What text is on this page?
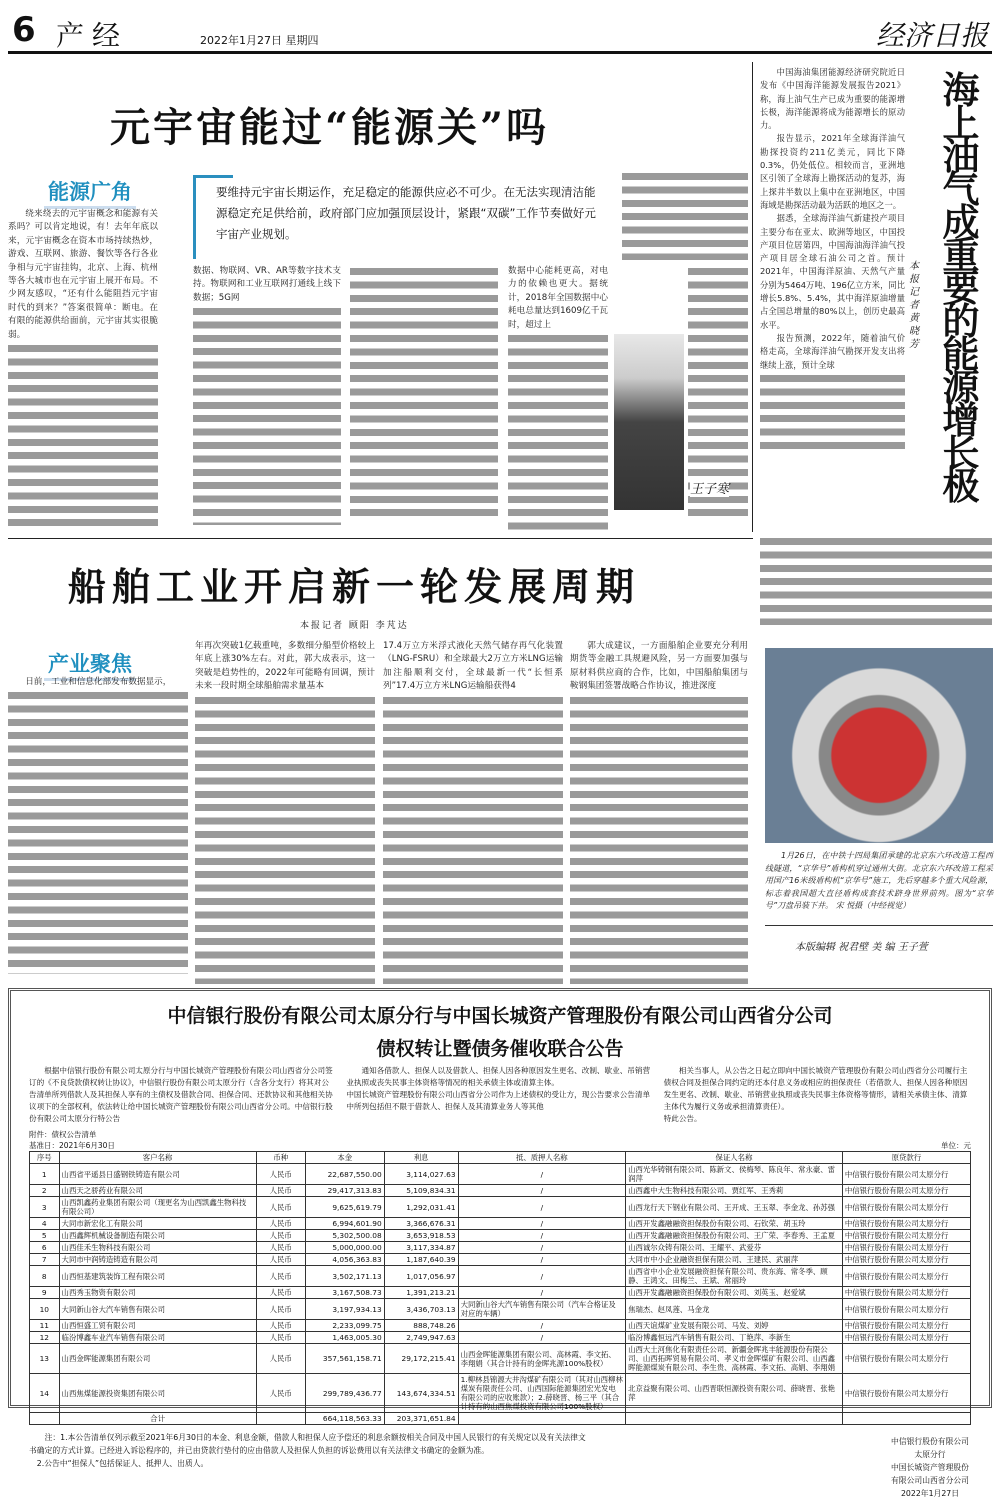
6 产经	2022年1月27日 星期四	经济日报
元宇宙能过“能源关”吗
能源广角	要维持元宇宙长期运作，充足稳定的能源供应必不可少。在无法实现清洁能源稳定充足供给前，政府部门应加强顶层设计，紧跟“双碳”工作节奏做好元宇宙产业规划。

绕来绕去的元宇宙概念和能源有关系吗？可以肯定地说，有！去年年底以来，元宇宙概念在资本市场持续热炒，游戏、互联网、旅游、餐饮等各行各业争相与元宇宙挂钩，北京、上海、杭州等各大城市也在元宇宙上展开布局。不少网友感叹，“还有什么能阻挡元宇宙时代的到来？”答案很简单：断电。在有限的能源供给面前，元宇宙其实很脆弱。

数据、物联网、VR、AR等数字技术支持。物联网和工业互联网打通线上线下数据；5G网
数据中心能耗更高，对电力的依赖也更大。据统计，2018年全国数据中心耗电总量达到1609亿千瓦时，超过上
王子寒

中国海油集团能源经济研究院近日发布《中国海洋能源发展报告2021》称，海上油气生产已成为重要的能源增长极，海洋能源将成为能源增长的原动力。

报告显示，2021年全球海洋油气勘探投资约211亿美元，同比下降0.3%，仍处低位。相较而言，亚洲地区引领了全球海上勘探活动的复苏，海上探井半数以上集中在亚洲地区，中国海域是勘探活动最为活跃的地区之一。

据悉，全球海洋油气新建投产项目主要分布在亚太、欧洲等地区，中国投产项目位居第四，中国海油海洋油气投产项目居全球石油公司之首。预计2021年，中国海洋原油、天然气产量分别为5464万吨、196亿立方米，同比增长5.8%、5.4%，其中海洋原油增量占全国总增量的80%以上，创历史最高水平。

报告预测，2022年，随着油气价格走高，全球海洋油气勘探开发支出将继续上涨，预计全球

本报记者 黄晓芳
海上油气成重要的能源增长极
船舶工业开启新一轮发展周期
本报记者 顾阳 李芃达
产业聚焦

日前，工业和信息化部发布数据显示，

年再次突破1亿载重吨，多数细分船型价格较上年底上涨30%左右。对此，郭大成表示，这一突破是趋势性的，2022年可能略有回调，预计未来一段时期全球船舶需求量基本
17.4万立方米浮式液化天然气储存再气化装置（LNG-FSRU）和全球最大2万立方米LNG运输加注船顺利交付，全球最新一代“长恒系列”17.4万立方米LNG运输船获得4

郭大成建议，一方面船舶企业要充分利用期货等金融工具规避风险，另一方面要加强与原材料供应商的合作，比如，中国船舶集团与鞍钢集团签署战略合作协议，推进深度

1月26日，在中铁十四局集团承建的北京东六环改造工程西线隧道，“京华号”盾构机穿过通州大街。北京东六环改造工程采用国产16米级盾构机“京华号”施工，先后穿越多个重大风险源，标志着我国超大直径盾构成套技术跻身世界前列。图为“京华号”刀盘吊装下井。 宋 悦摄（中经视觉）
本版编辑 祝君壁 美 编 王子萱
中信银行股份有限公司太原分行与中国长城资产管理股份有限公司山西省分公司
债权转让暨债务催收联合公告
根据中信银行股份有限公司太原分行与中国长城资产管理股份有限公司山西省分公司签订的《不良贷款债权转让协议》，中信银行股份有限公司太原分行（含各分支行）将其对公告清单所列借款人及其担保人享有的主债权及借款合同、担保合同、还款协议和其他相关协议项下的全部权利，依法转让给中国长城资产管理股份有限公司山西省分公司。中信银行股份有限公司太原分行特公告
通知各借款人、担保人以及借款人、担保人因各种原因发生更名、改制、歇业、吊销营业执照或丧失民事主体资格等情况的相关承债主体或清算主体。
中国长城资产管理股份有限公司山西省分公司作为上述债权的受让方，现公告要求公告清单中所列包括但不限于借款人、担保人及其清算业务人等其他
相关当事人，从公告之日起立即向中国长城资产管理股份有限公司山西省分公司履行主债权合同及担保合同约定的还本付息义务或相应的担保责任（若借款人、担保人因各种原因发生更名、改制、歇业、吊销营业执照或丧失民事主体资格等情形，请相关承债主体、清算主体代为履行义务或承担清算责任）。
特此公告。
附件：债权公告清单
基准日：2021年6月30日	单位：元
序号	客户名称	币种	本金	利息	抵、质押人名称	保证人名称	原贷款行
1	山西省平遥县日盛钢铁铸造有限公司	人民币	22,687,550.00	3,114,027.63	/	山西光华铸钢有限公司、陈新文、侯梅琴、陈良年、常永豪、雷润萍	中信银行股份有限公司太原分行
2	山西天之骄药业有限公司	人民币	29,417,313.83	5,109,834.31	/	山西鑫中大生物科技有限公司、贾红军、王秀莉	中信银行股份有限公司太原分行
3	山西凯鑫药业集团有限公司（现更名为山西凯鑫生物科技有限公司）	人民币	9,625,619.79	1,292,031.41	/	山西龙行天下钢业有限公司、王开成、王玉翠、李金龙、孙苏强	中信银行股份有限公司太原分行
4	大同市新宏化工有限公司	人民币	6,994,601.90	3,366,676.31	/	山西开发鑫融融资担保股份有限公司、石钦荣、胡玉玲	中信银行股份有限公司太原分行
5	山西鑫辉机械设备制造有限公司	人民币	5,302,500.08	3,653,918.53	/	山西开发鑫融融资担保股份有限公司、王广荣、李春秀、王孟夏	中信银行股份有限公司太原分行
6	山西佳禾生物科技有限公司	人民币	5,000,000.00	3,117,334.87	/	山西诚尔众铸有限公司、王耀平、武爱芬	中信银行股份有限公司太原分行
7	大同市中润铸造铸造有限公司	人民币	4,056,363.83	1,187,640.39	/	大同市中小企业融资担保有限公司、王建民、武丽萍	中信银行股份有限公司太原分行
8	山西恒基建筑装饰工程有限公司	人民币	3,502,171.13	1,017,056.97	/	山西省中小企业发展融资担保有限公司、贵东海、常冬季、顾静、王鸿文、田梅兰、王斌、常丽玲	中信银行股份有限公司太原分行
9	山西秀玉物资有限公司	人民币	3,167,508.73	1,391,213.21	/	山西开发鑫融融资担保股份有限公司、刘英玉、赵爱斌	中信银行股份有限公司太原分行
10	大同新山谷大汽车销售有限公司	人民币	3,197,934.13	3,436,703.13	大同新山谷大汽车销售有限公司（汽车合格证及对应的车辆）	焦瑞杰、赵凤莲、马金龙	中信银行股份有限公司太原分行
11	山西恒盛工贸有限公司	人民币	2,233,099.75	888,748.26	/	山西天谊煤矿业发展有限公司、马发、刘婷	中信银行股份有限公司太原分行
12	临汾博鑫车业汽车销售有限公司	人民币	1,463,005.30	2,749,947.63	/	临汾博鑫恒远汽车销售有限公司、丁艳萍、李新生	中信银行股份有限公司太原分行
13	山西金晖能源集团有限公司	人民币	357,561,158.71	29,172,215.41	山西金晖能源集团有限公司、高林霞、李文拓、李翔娟（其合计持有的金晖兆源100%股权）	山西大土河焦化有限责任公司、新疆金晖兆丰能源股份有限公司、山西拓晖贸易有限公司、孝义市金晖煤矿有限公司、山西鑫晖能源煤炭有限公司、李生贵、高林霞、李文拓、高娟、李翔娟	中信银行股份有限公司太原分行
14	山西焦煤能源投资集团有限公司	人民币	299,789,436.77	143,674,334.51	1.柳林县锦源大井沟煤矿有限公司（其对山西柳林煤炭有限责任公司、山西国际能源集团宏光发电有限公司的应收账款）；2.薛晓晋、杨三平（其合计持有的山西焦煤投资有限公司100%股权）	北京益聚有限公司、山西晋联恒源投资有限公司、薛晓晋、张艳萍	中信银行股份有限公司太原分行
	合计		664,118,563.33	203,371,651.84			
注：1.本公告清单仅列示截至2021年6月30日的本金、利息金额，借款人和担保人应予偿还的利息余额按相关合同及中国人民银行的有关规定以及有关法律文书确定的方式计算。已经进入诉讼程序的，并已由贷款行垫付的应由借款人及担保人负担的诉讼费用以有关法律文书确定的金额为准。
2.公告中“担保人”包括保证人、抵押人、出质人。
中信银行股份有限公司太原分行
中国长城资产管理股份有限公司山西省分公司
2022年1月27日
